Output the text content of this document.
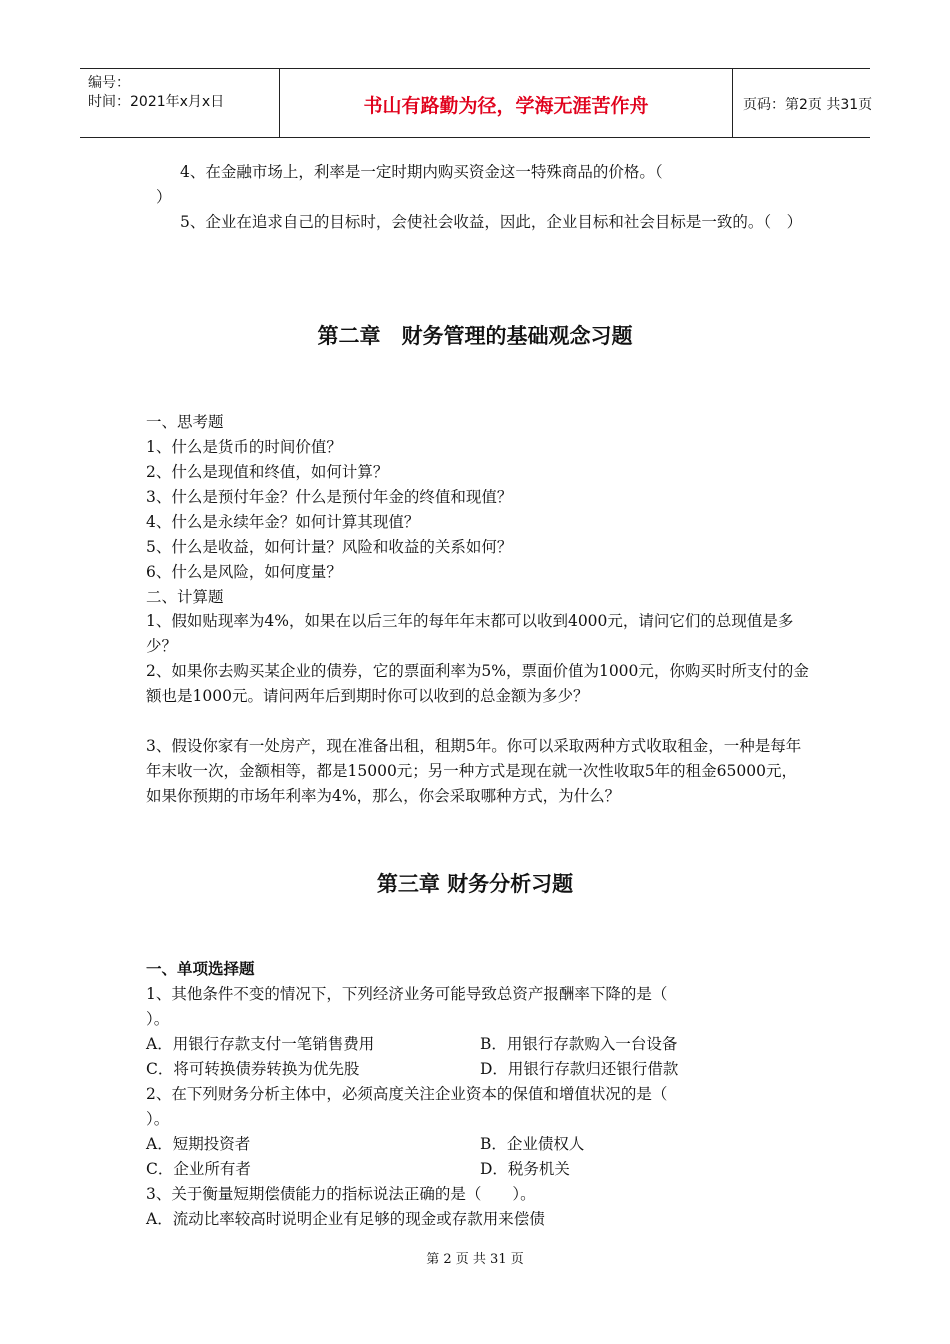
编号：
时间：2021年x月x日	书山有路勤为径，学海无涯苦作舟	页码：第2页 共31页
4、在金融市场上，利率是一定时期内购买资金这一特殊商品的价格。（
）
5、企业在追求自己的目标时，会使社会收益，因此，企业目标和社会目标是一致的。（　）
第二章　财务管理的基础观念习题
一、思考题
1、什么是货币的时间价值？
2、什么是现值和终值，如何计算？
3、什么是预付年金？什么是预付年金的终值和现值？
4、什么是永续年金？如何计算其现值？
5、什么是收益，如何计量？风险和收益的关系如何？
6、什么是风险，如何度量？
二、计算题
1、假如贴现率为4%，如果在以后三年的每年年末都可以收到4000元，请问它们的总现值是多少？
2、如果你去购买某企业的债券，它的票面利率为5%，票面价值为1000元，你购买时所支付的金额也是1000元。请问两年后到期时你可以收到的总金额为多少？
3、假设你家有一处房产，现在准备出租，租期5年。你可以采取两种方式收取租金，一种是每年年末收一次，金额相等，都是15000元；另一种方式是现在就一次性收取5年的租金65000元，如果你预期的市场年利率为4%，那么，你会采取哪种方式，为什么？
第三章 财务分析习题
一、单项选择题
1、其他条件不变的情况下，下列经济业务可能导致总资产报酬率下降的是（
）。
A．用银行存款支付一笔销售费用	B．用银行存款购入一台设备
C．将可转换债券转换为优先股	D．用银行存款归还银行借款
2、在下列财务分析主体中，必须高度关注企业资本的保值和增值状况的是（
）。
A．短期投资者	B．企业债权人
C．企业所有者	D．税务机关
3、关于衡量短期偿债能力的指标说法正确的是（　　）。
A．流动比率较高时说明企业有足够的现金或存款用来偿债
第 2 页 共 31 页
